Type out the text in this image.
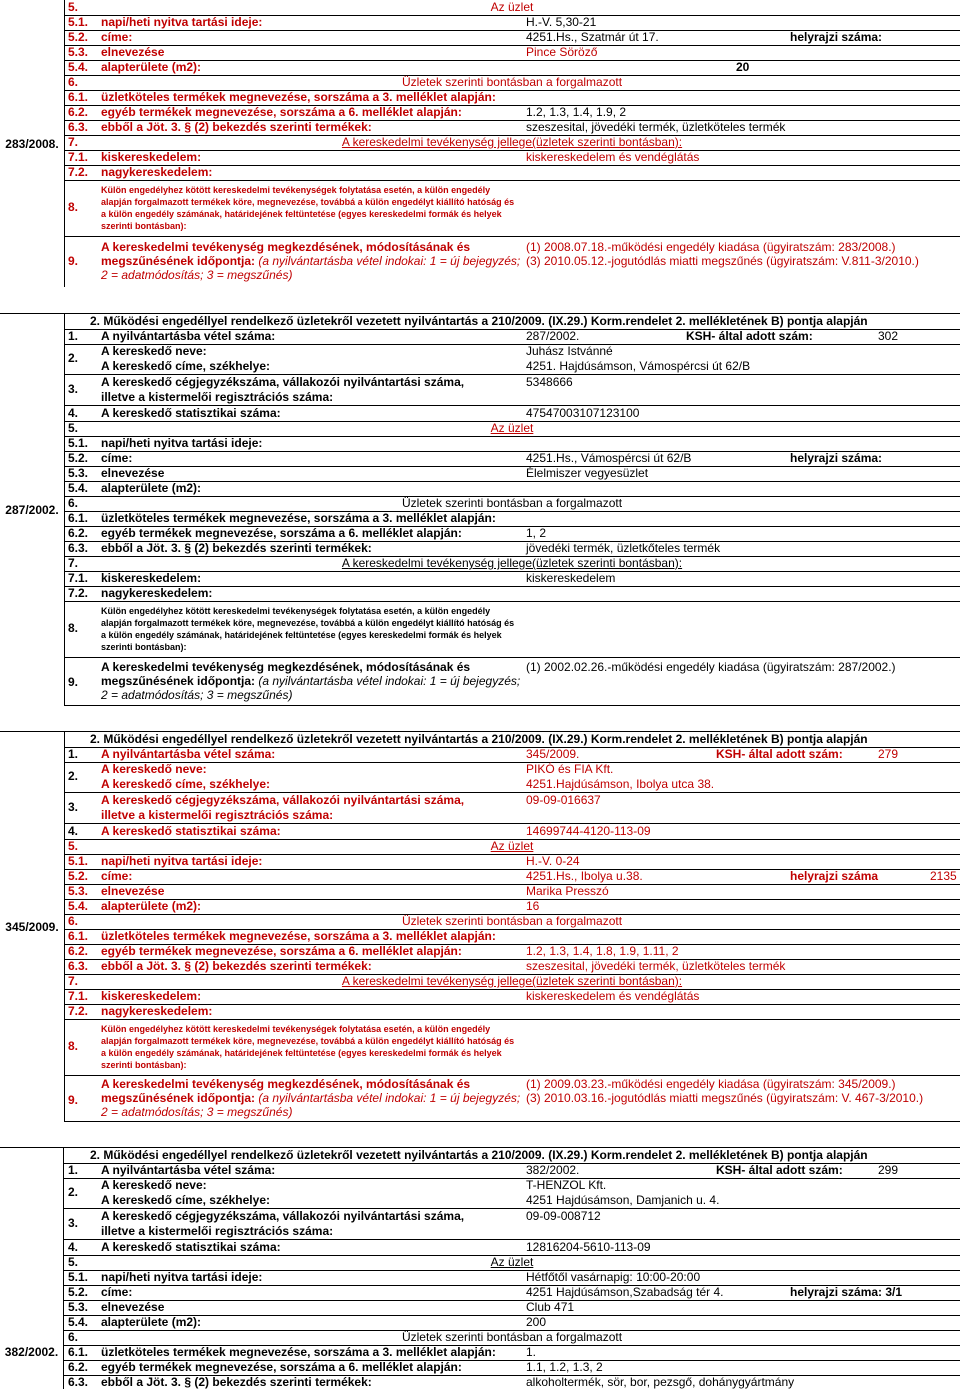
283/2008.
5.	Az üzlet
5.1. napi/heti nyitva tartási ideje:	H.-V. 5,30-21
5.2. címe:	4251.Hs., Szatmár út 17.	helyrajzi száma:
5.3. elnevezése	Pince Söröző
5.4. alapterülete (m2):	20
6.	Üzletek szerinti bontásban a forgalmazott
6.1. üzletköteles termékek megnevezése, sorszáma a 3. melléklet alapján:
6.2. egyéb termékek megnevezése, sorszáma a 6. melléklet alapján:	1.2, 1.3, 1.4, 1.9, 2
6.3. ebből a Jöt. 3. § (2) bekezdés szerinti termékek:	szeszesital, jövedéki termék, üzletköteles termék
7.	A kereskedelmi tevékenység jellege(üzletek szerinti bontásban):
7.1. kiskereskedelem:	kiskereskedelem és vendéglátás
7.2. nagykereskedelem:
8.
Külön engedélyhez kötött kereskedelmi tevékenységek folytatása esetén, a külön engedély alapján forgalmazott termékek köre, megnevezése, továbbá a külön engedélyt kiállító hatóság és a külön engedély számának, határidejének feltüntetése (egyes kereskedelmi formák és helyek szerinti bontásban):
9.
A kereskedelmi tevékenység megkezdésének, módosításának és
megszűnésének időpontja: (a nyilvántartásba vétel indokai: 1 = új bejegyzés;
2 = adatmódosítás; 3 = megszűnés)
(1) 2008.07.18.-működési engedély kiadása (ügyiratszám: 283/2008.)
(3) 2010.05.12.-jogutódlás miatti megszűnés (ügyiratszám: V.811-3/2010.)
287/2002.
2. Működési engedéllyel rendelkező üzletekről vezetett nyilvántartás a 210/2009. (IX.29.) Korm.rendelet 2. mellékletének B) pontja alapján
1. A nyilvántartásba vétel száma:	287/2002.	KSH- által adott szám:	302
2. A kereskedő neve:	Juhász Istvánné
A kereskedő címe, székhelye:	4251. Hajdúsámson, Vámospércsi út 62/B
3. A kereskedő cégjegyzékszáma, vállakozói nyilvántartási száma,	5348666
illetve a kistermelői regisztrációs száma:
4. A kereskedő statisztikai száma:	47547003107123100
5.	Az üzlet
5.1. napi/heti nyitva tartási ideje:
5.2. címe:	4251.Hs., Vámospércsi út 62/B	helyrajzi száma:
5.3. elnevezése	Élelmiszer vegyesüzlet
5.4. alapterülete (m2):
6.	Üzletek szerinti bontásban a forgalmazott
6.1. üzletköteles termékek megnevezése, sorszáma a 3. melléklet alapján:
6.2. egyéb termékek megnevezése, sorszáma a 6. melléklet alapján:	1, 2
6.3. ebből a Jöt. 3. § (2) bekezdés szerinti termékek:	jövedéki termék, üzletkőteles termék
7.	A kereskedelmi tevékenység jellege(üzletek szerinti bontásban):
7.1. kiskereskedelem:	kiskereskedelem
7.2. nagykereskedelem:
8.
Külön engedélyhez kötött kereskedelmi tevékenységek folytatása esetén, a külön engedély alapján forgalmazott termékek köre, megnevezése, továbbá a külön engedélyt kiállító hatóság és a külön engedély számának, határidejének feltüntetése (egyes kereskedelmi formák és helyek szerinti bontásban):
9.
A kereskedelmi tevékenység megkezdésének, módosításának és
megszűnésének időpontja: (a nyilvántartásba vétel indokai: 1 = új bejegyzés;
2 = adatmódosítás; 3 = megszűnés)
(1) 2002.02.26.-működési engedély kiadása (ügyiratszám: 287/2002.)
345/2009.
2. Működési engedéllyel rendelkező üzletekről vezetett nyilvántartás a 210/2009. (IX.29.) Korm.rendelet 2. mellékletének B) pontja alapján
1. A nyilvántartásba vétel száma:	345/2009.	KSH- által adott szám:	279
2. A kereskedő neve:	PIKÓ és FIA Kft.
A kereskedő címe, székhelye:	4251.Hajdúsámson, Ibolya utca 38.
3. A kereskedő cégjegyzékszáma, vállakozói nyilvántartási száma,	09-09-016637
illetve a kistermelői regisztrációs száma:
4. A kereskedő statisztikai száma:	14699744-4120-113-09
5.	Az üzlet
5.1. napi/heti nyitva tartási ideje:	H.-V. 0-24
5.2. címe:	4251.Hs., Ibolya u.38.	helyrajzi száma	2135
5.3. elnevezése	Marika Presszó
5.4. alapterülete (m2):	16
6.	Üzletek szerinti bontásban a forgalmazott
6.1. üzletköteles termékek megnevezése, sorszáma a 3. melléklet alapján:
6.2. egyéb termékek megnevezése, sorszáma a 6. melléklet alapján:	1.2, 1.3, 1.4, 1.8, 1.9, 1.11, 2
6.3. ebből a Jöt. 3. § (2) bekezdés szerinti termékek:	szeszesital, jövedéki termék, üzletköteles termék
7.	A kereskedelmi tevékenység jellege(üzletek szerinti bontásban):
7.1. kiskereskedelem:	kiskereskedelem és vendéglátás
7.2. nagykereskedelem:
8.
Külön engedélyhez kötött kereskedelmi tevékenységek folytatása esetén, a külön engedély alapján forgalmazott termékek köre, megnevezése, továbbá a külön engedélyt kiállító hatóság és a külön engedély számának, határidejének feltüntetése (egyes kereskedelmi formák és helyek szerinti bontásban):
9.
A kereskedelmi tevékenység megkezdésének, módosításának és
megszűnésének időpontja: (a nyilvántartásba vétel indokai: 1 = új bejegyzés;
2 = adatmódosítás; 3 = megszűnés)
(1) 2009.03.23.-működési engedély kiadása (ügyiratszám: 345/2009.)
(3) 2010.03.16.-jogutódlás miatti megszűnés (ügyiratszám: V. 467-3/2010.)
382/2002.
2. Működési engedéllyel rendelkező üzletekről vezetett nyilvántartás a 210/2009. (IX.29.) Korm.rendelet 2. mellékletének B) pontja alapján
1. A nyilvántartásba vétel száma:	382/2002.	KSH- által adott szám:	299
2. A kereskedő neve:	T-HENZOL Kft.
A kereskedő címe, székhelye:	4251 Hajdúsámson, Damjanich u. 4.
3. A kereskedő cégjegyzékszáma, vállakozói nyilvántartási száma,	09-09-008712
illetve a kistermelői regisztrációs száma:
4. A kereskedő statisztikai száma:	12816204-5610-113-09
5.	Az üzlet
5.1. napi/heti nyitva tartási ideje:	Hétfőtől vasárnapig: 10:00-20:00
5.2. címe:	4251 Hajdúsámson,Szabadság tér 4.	helyrajzi száma: 3/1
5.3. elnevezése	Club 471
5.4. alapterülete (m2):	200
6.	Üzletek szerinti bontásban a forgalmazott
6.1. üzletköteles termékek megnevezése, sorszáma a 3. melléklet alapján:	1.
6.2. egyéb termékek megnevezése, sorszáma a 6. melléklet alapján:	1.1, 1.2, 1.3, 2
6.3. ebből a Jöt. 3. § (2) bekezdés szerinti termékek:	alkoholtermék, sör, bor, pezsgő, dohánygyártmány
